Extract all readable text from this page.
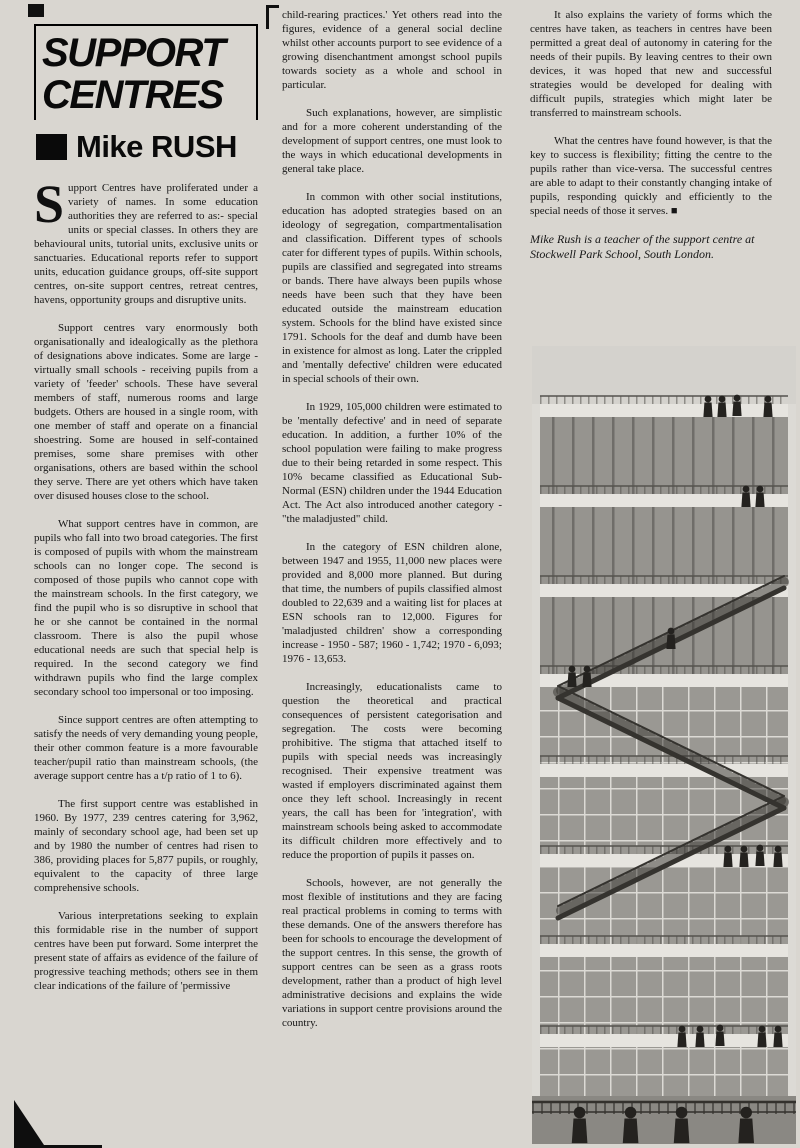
SUPPORT
CENTRES
Mike RUSH

Support Centres have proliferated under a variety of names. In some education authorities they are referred to as:- special units or special classes. In others they are behavioural units, tutorial units, exclusive units or sanctuaries. Educational reports refer to support units, education guidance groups, off-site support centres, on-site support centres, retreat centres, havens, opportunity groups and disruptive units.

Support centres vary enormously both organisationally and idealogically as the plethora of designations above indicates. Some are large - virtually small schools - receiving pupils from a variety of 'feeder' schools. These have several members of staff, numerous rooms and large budgets. Others are housed in a single room, with one member of staff and operate on a financial shoestring. Some are housed in self-contained premises, some share premises with other organisations, others are based within the school they serve. There are yet others which have taken over disused houses close to the school.

What support centres have in common, are pupils who fall into two broad categories. The first is composed of pupils with whom the mainstream schools can no longer cope. The second is composed of those pupils who cannot cope with the mainstream schools. In the first category, we find the pupil who is so disruptive in school that he or she cannot be contained in the normal classroom. There is also the pupil whose educational needs are such that special help is required. In the second category we find withdrawn pupils who find the large complex secondary school too impersonal or too imposing.

Since support centres are often attempting to satisfy the needs of very demanding young people, their other common feature is a more favourable teacher/pupil ratio than mainstream schools, (the average support centre has a t/p ratio of 1 to 6).

The first support centre was established in 1960. By 1977, 239 centres catering for 3,962, mainly of secondary school age, had been set up and by 1980 the number of centres had risen to 386, providing places for 5,877 pupils, or roughly, equivalent to the capacity of three large comprehensive schools.

Various interpretations seeking to explain this formidable rise in the number of support centres have been put forward. Some interpret the present state of affairs as evidence of the failure of progressive teaching methods; others see in them clear indications of the failure of 'permissive

child-rearing practices.' Yet others read into the figures, evidence of a general social decline whilst other accounts purport to see evidence of a growing disenchantment amongst school pupils towards society as a whole and school in particular.

Such explanations, however, are simplistic and for a more coherent understanding of the development of support centres, one must look to the ways in which educational developments in general take place.

In common with other social institutions, education has adopted strategies based on an ideology of segregation, compartmentalisation and classification. Different types of schools cater for different types of pupils. Within schools, pupils are classified and segregated into streams or bands. There have always been pupils whose needs have been such that they have been educated outside the mainstream education system. Schools for the blind have existed since 1791. Schools for the deaf and dumb have been in existence for almost as long. Later the crippled and 'mentally defective' children were educated in special schools of their own.

In 1929, 105,000 children were estimated to be 'mentally defective' and in need of separate education. In addition, a further 10% of the school population were failing to make progress due to their being retarded in some respect. This 10% became classified as Educational Sub-Normal (ESN) children under the 1944 Education Act. The Act also introduced another category - "the maladjusted" child.

In the category of ESN children alone, between 1947 and 1955, 11,000 new places were provided and 8,000 more planned. But during that time, the numbers of pupils classified almost doubled to 22,639 and a waiting list for places at ESN schools ran to 12,000. Figures for 'maladjusted children' show a corresponding increase - 1950 - 587; 1960 - 1,742; 1970 - 6,093; 1976 - 13,653.

Increasingly, educationalists came to question the theoretical and practical consequences of persistent categorisation and segregation. The costs were becoming prohibitive. The stigma that attached itself to pupils with special needs was increasingly recognised. Their expensive treatment was wasted if employers discriminated against them once they left school. Increasingly in recent years, the call has been for 'integration', with mainstream schools being asked to accommodate its difficult children more effectively and to reduce the proportion of pupils it passes on.

Schools, however, are not generally the most flexible of institutions and they are facing real practical problems in coming to terms with these demands. One of the answers therefore has been for schools to encourage the development of the support centres. In this sense, the growth of support centres can be seen as a grass roots development, rather than a product of high level administrative decisions and explains the wide variations in support centre provisions around the country.

It also explains the variety of forms which the centres have taken, as teachers in centres have been permitted a great deal of autonomy in catering for the needs of their pupils. By leaving centres to their own devices, it was hoped that new and successful strategies would be developed for dealing with difficult pupils, strategies which might later be transferred to mainstream schools.

What the centres have found however, is that the key to success is flexibility; fitting the centre to the pupils rather than vice-versa. The successful centres are able to adapt to their constantly changing intake of pupils, responding quickly and efficiently to the special needs of those it serves. ■

Mike Rush is a teacher of the support centre at Stockwell Park School, South London.
